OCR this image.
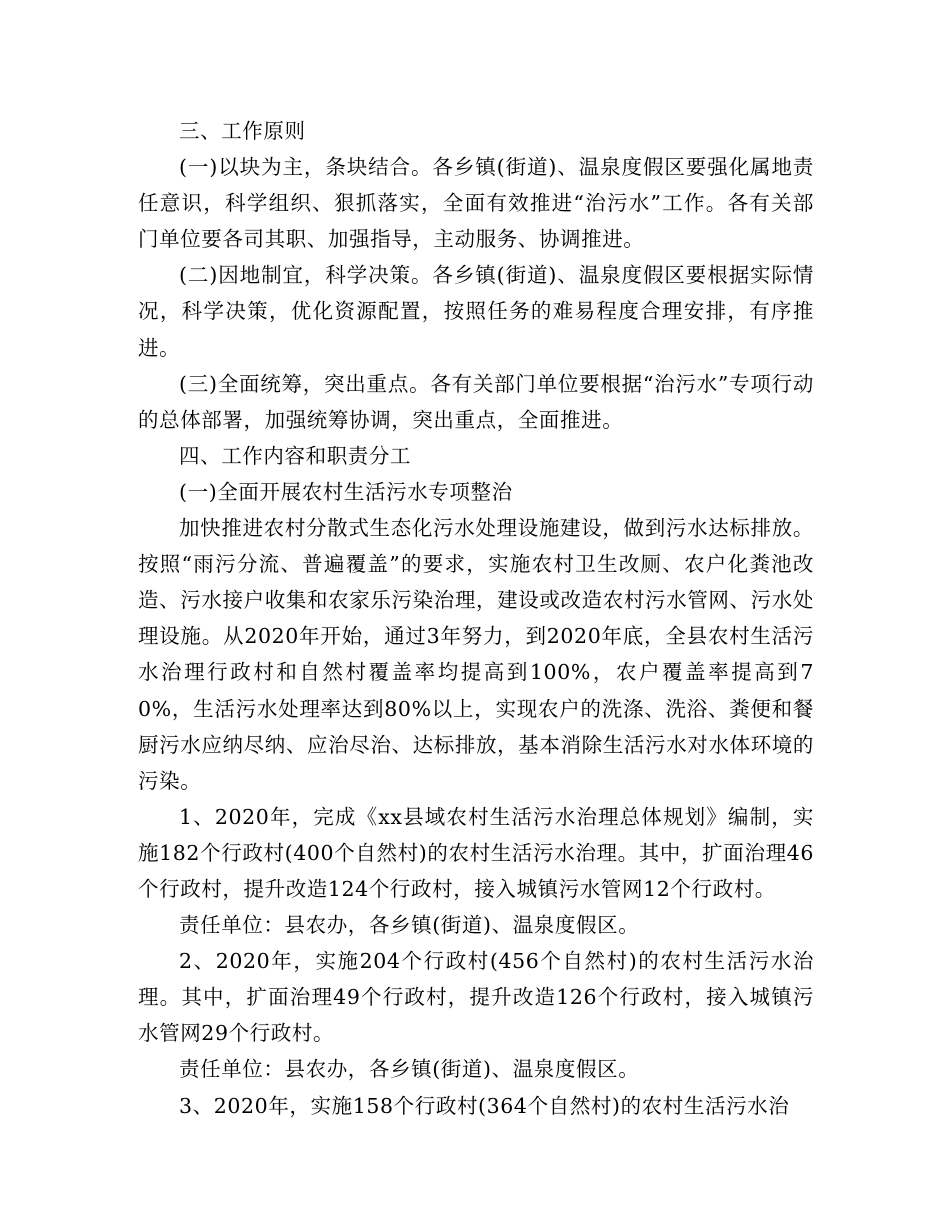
三、工作原则

(一)以块为主，条块结合。各乡镇(街道)、温泉度假区要强化属地责任意识，科学组织、狠抓落实，全面有效推进“治污水”工作。各有关部门单位要各司其职、加强指导，主动服务、协调推进。

(二)因地制宜，科学决策。各乡镇(街道)、温泉度假区要根据实际情况，科学决策，优化资源配置，按照任务的难易程度合理安排，有序推进。

(三)全面统筹，突出重点。各有关部门单位要根据“治污水”专项行动的总体部署，加强统筹协调，突出重点，全面推进。

四、工作内容和职责分工

(一)全面开展农村生活污水专项整治

加快推进农村分散式生态化污水处理设施建设，做到污水达标排放。按照“雨污分流、普遍覆盖”的要求，实施农村卫生改厕、农户化粪池改造、污水接户收集和农家乐污染治理，建设或改造农村污水管网、污水处理设施。从2020年开始，通过3年努力，到2020年底，全县农村生活污水治理行政村和自然村覆盖率均提高到100%，农户覆盖率提高到70%，生活污水处理率达到80%以上，实现农户的洗涤、洗浴、粪便和餐厨污水应纳尽纳、应治尽治、达标排放，基本消除生活污水对水体环境的污染。

1、2020年，完成《xx县域农村生活污水治理总体规划》编制，实施182个行政村(400个自然村)的农村生活污水治理。其中，扩面治理46个行政村，提升改造124个行政村，接入城镇污水管网12个行政村。

责任单位：县农办，各乡镇(街道)、温泉度假区。

2、2020年，实施204个行政村(456个自然村)的农村生活污水治理。其中，扩面治理49个行政村，提升改造126个行政村，接入城镇污水管网29个行政村。

责任单位：县农办，各乡镇(街道)、温泉度假区。

3、2020年，实施158个行政村(364个自然村)的农村生活污水治
